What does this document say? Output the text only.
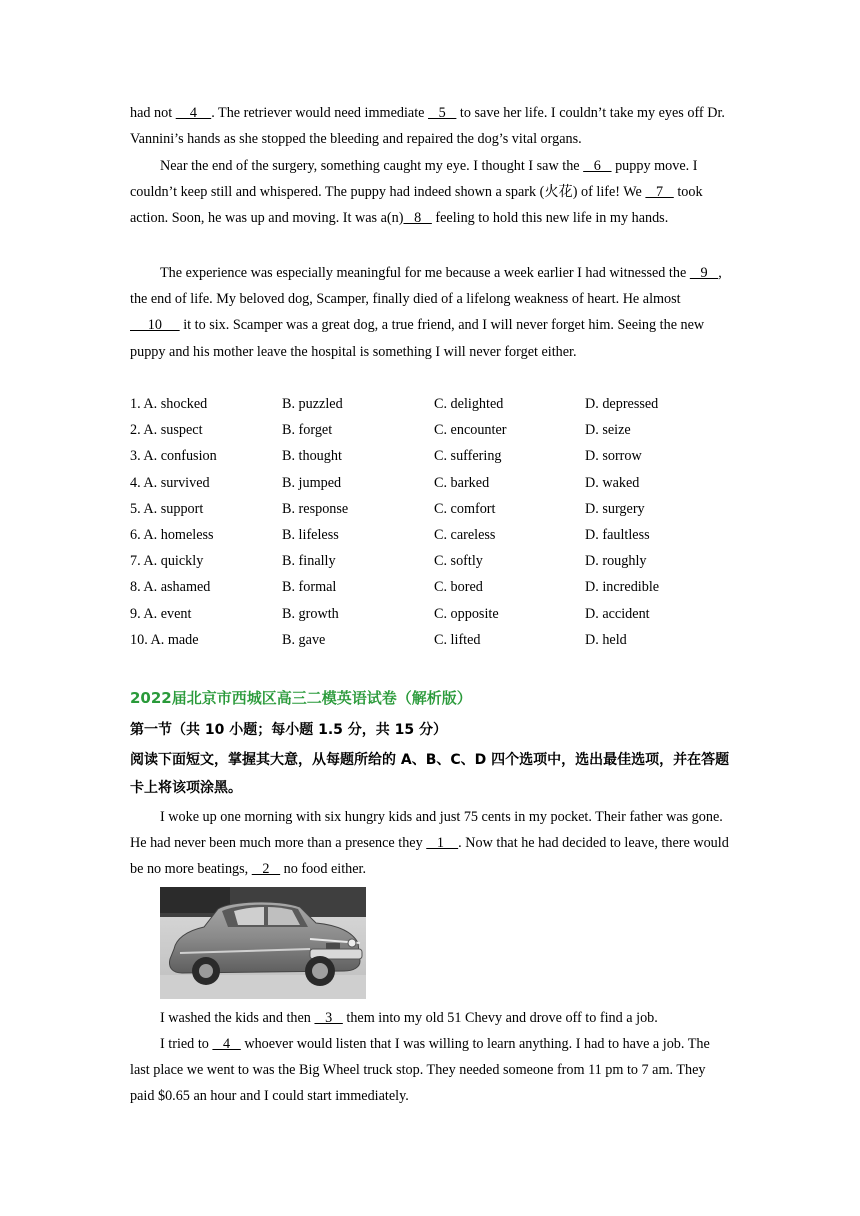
had not     4    . The retriever would need immediate    5    to save her life. I couldn’t take my eyes off Dr. Vannini’s hands as she stopped the bleeding and repaired the dog’s vital organs.

Near the end of the surgery, something caught my eye. I thought I saw the    6    puppy move. I couldn’t keep still and whispered. The puppy had indeed shown a spark (火花) of life! We    7    took action. Soon, he was up and moving. It was a(n)   8    feeling to hold this new life in my hands.

The experience was especially meaningful for me because a week earlier I had witnessed the    9   , the end of life. My beloved dog, Scamper, finally died of a lifelong weakness of heart. He almost      10      it to six. Scamper was a great dog, a true friend, and I will never forget him. Seeing the new puppy and his mother leave the hospital is something I will never forget either.

1. A. shocked	B. puzzled	C. delighted	D. depressed
2. A. suspect	B. forget	C. encounter	D. seize
3. A. confusion	B. thought	C. suffering	D. sorrow
4. A. survived	B. jumped	C. barked	D. waked
5. A. support	B. response	C. comfort	D. surgery
6. A. homeless	B. lifeless	C. careless	D. faultless
7. A. quickly	B. finally	C. softly	D. roughly
8. A. ashamed	B. formal	C. bored	D. incredible
9. A. event	B. growth	C. opposite	D. accident
10. A. made	B. gave	C. lifted	D. held
2022届北京市西城区高三二模英语试卷（解析版）
第一节（共 10 小题；每小题 1.5 分，共 15 分）
阅读下面短文，掌握其大意，从每题所给的 A、B、C、D 四个选项中，选出最佳选项，并在答题卡上将该项涂黑。

I woke up one morning with six hungry kids and just 75 cents in my pocket. Their father was gone. He had never been much more than a presence they    1    . Now that he had decided to leave, there would be no more beatings,    2    no food either.

I washed the kids and then    3    them into my old 51 Chevy and drove off to find a job.

I tried to    4    whoever would listen that I was willing to learn anything. I had to have a job. The last place we went to was the Big Wheel truck stop. They needed someone from 11 pm to 7 am. They paid $0.65 an hour and I could start immediately.
